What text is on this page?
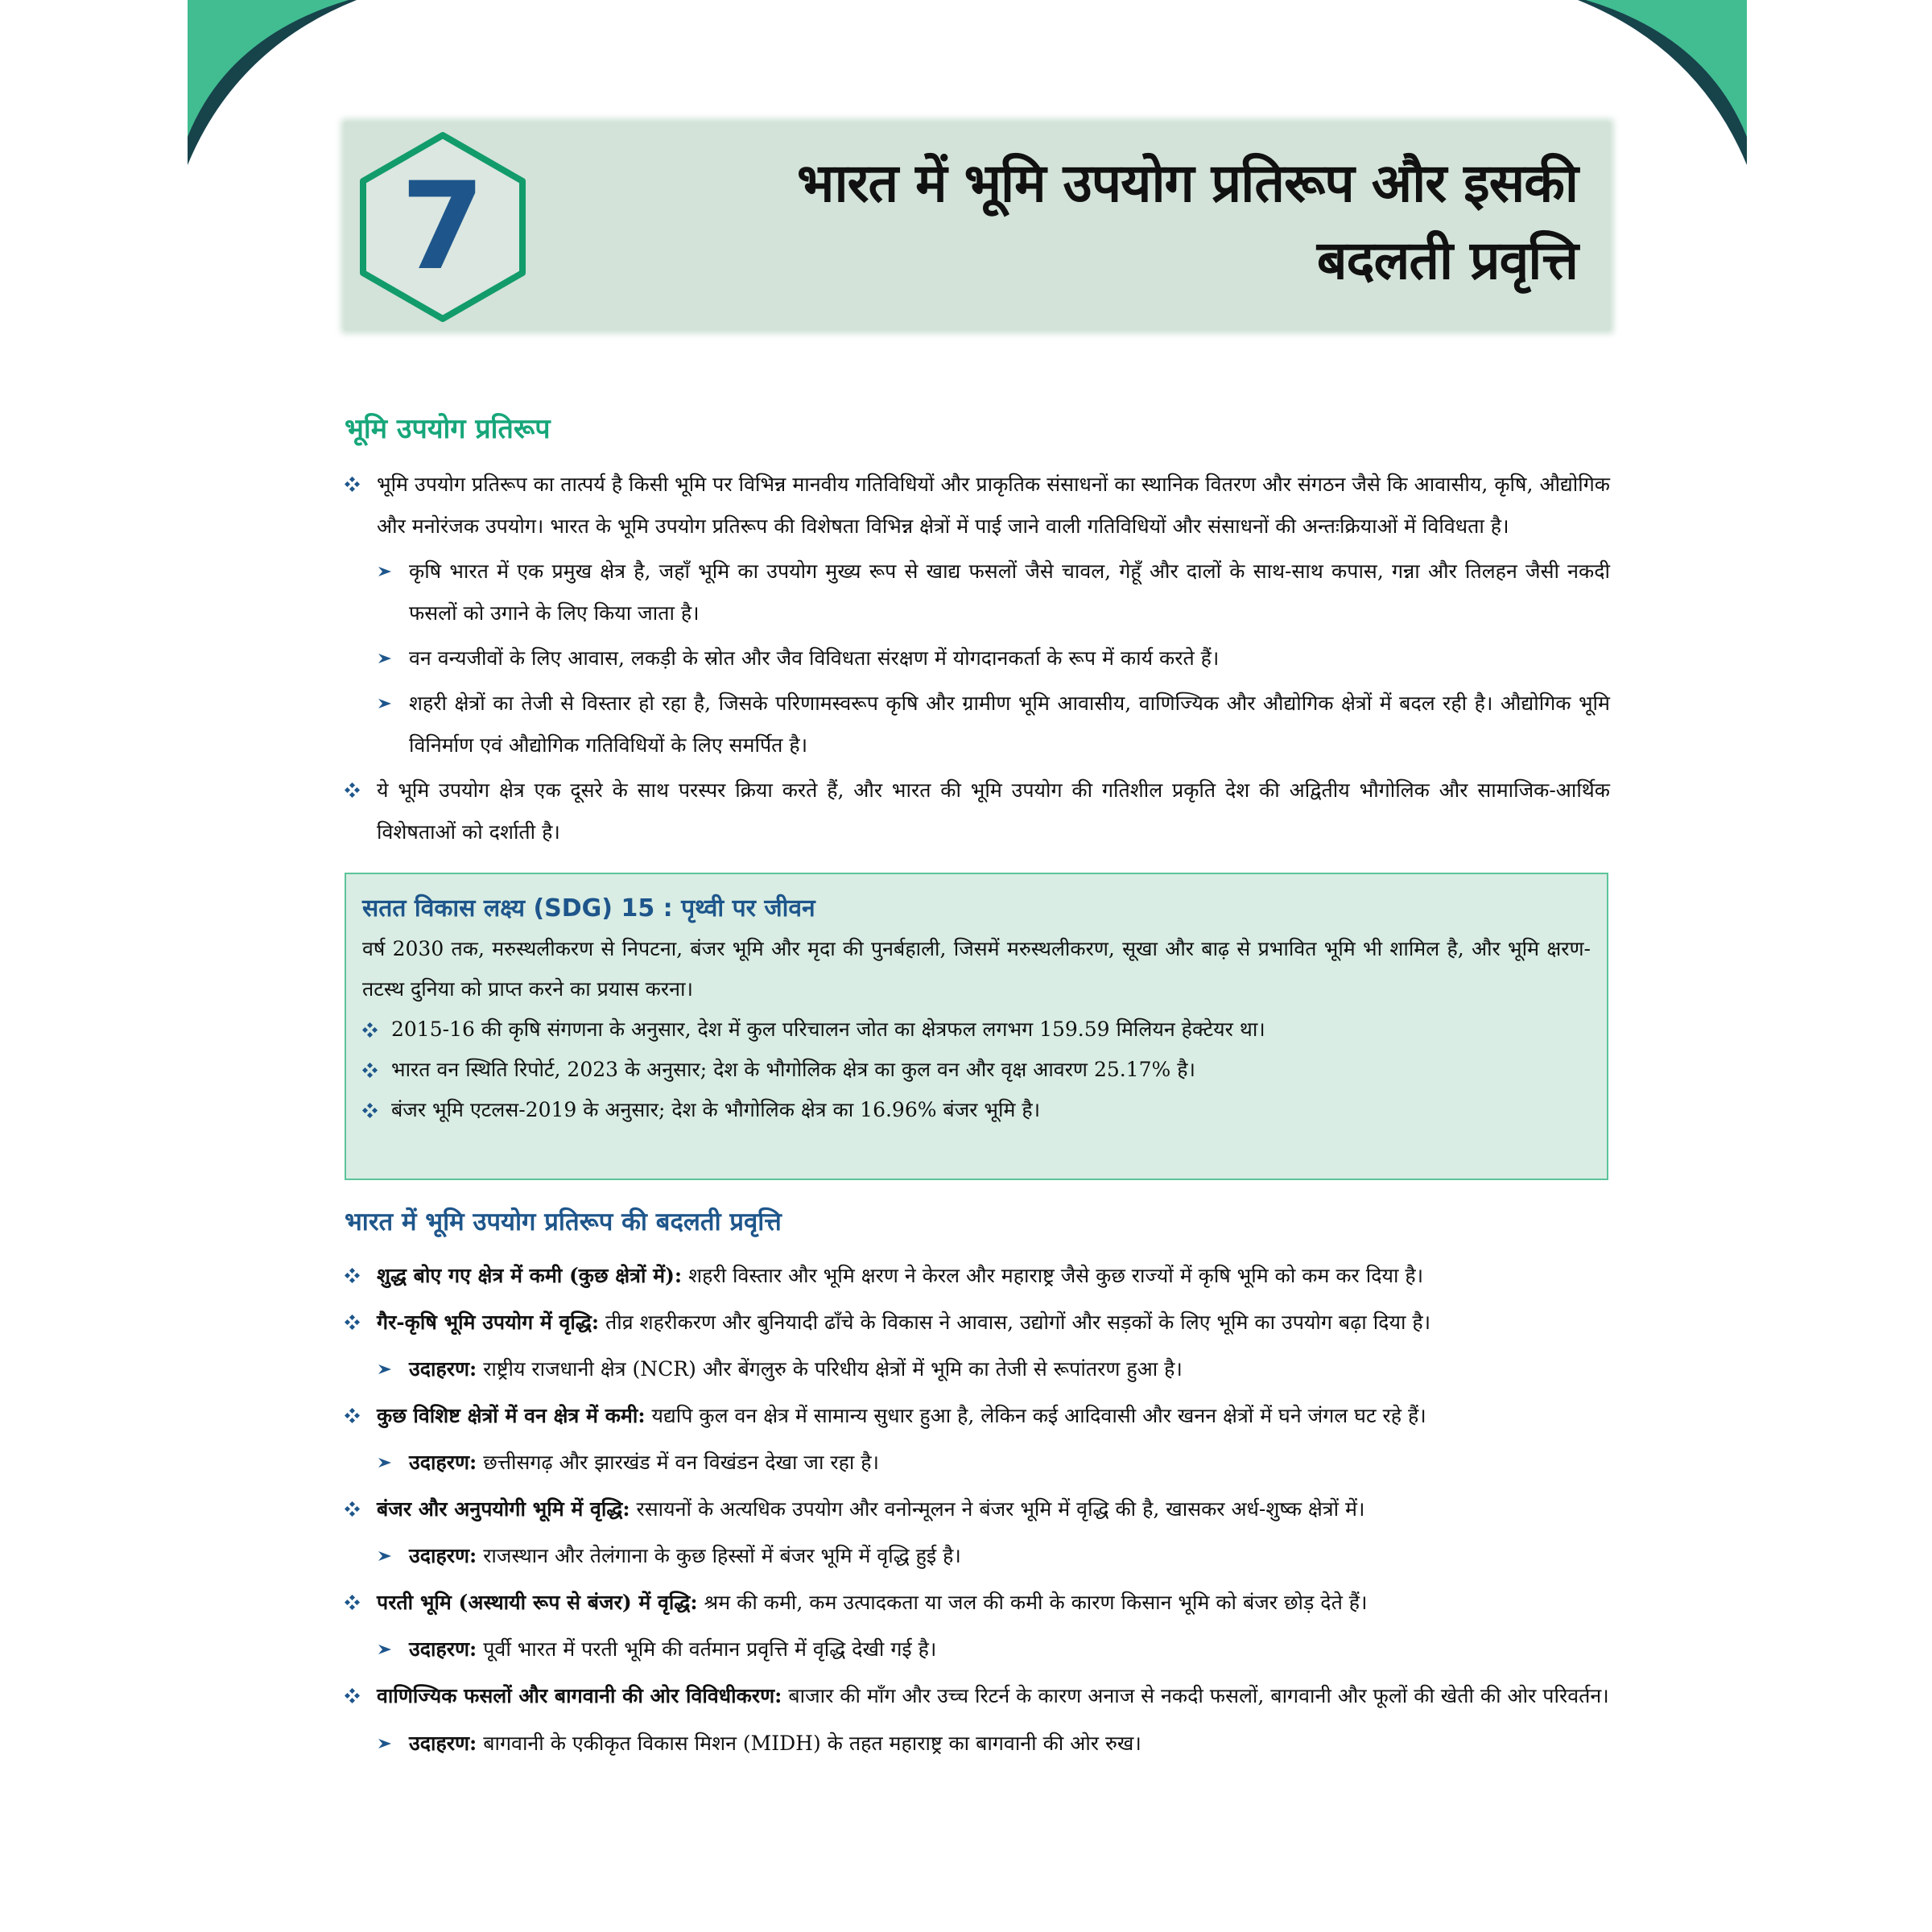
7	भारत में भूमि उपयोग प्रतिरूप और इसकी
बदलती प्रवृत्ति
भूमि उपयोग प्रतिरूप
भूमि उपयोग प्रतिरूप का तात्पर्य है किसी भूमि पर विभिन्न मानवीय गतिविधियों और प्राकृतिक संसाधनों का स्थानिक वितरण और संगठन जैसे कि आवासीय, कृषि, औद्योगिक और मनोरंजक उपयोग। भारत के भूमि उपयोग प्रतिरूप की विशेषता विभिन्न क्षेत्रों में पाई जाने वाली गतिविधियों और संसाधनों की अन्तःक्रियाओं में विविधता है।
कृषि भारत में एक प्रमुख क्षेत्र है, जहाँ भूमि का उपयोग मुख्य रूप से खाद्य फसलों जैसे चावल, गेहूँ और दालों के साथ-साथ कपास, गन्ना और तिलहन जैसी नकदी फसलों को उगाने के लिए किया जाता है।
वन वन्यजीवों के लिए आवास, लकड़ी के स्रोत और जैव विविधता संरक्षण में योगदानकर्ता के रूप में कार्य करते हैं।
शहरी क्षेत्रों का तेजी से विस्तार हो रहा है, जिसके परिणामस्वरूप कृषि और ग्रामीण भूमि आवासीय, वाणिज्यिक और औद्योगिक क्षेत्रों में बदल रही है। औद्योगिक भूमि विनिर्माण एवं औद्योगिक गतिविधियों के लिए समर्पित है।
ये भूमि उपयोग क्षेत्र एक दूसरे के साथ परस्पर क्रिया करते हैं, और भारत की भूमि उपयोग की गतिशील प्रकृति देश की अद्वितीय भौगोलिक और सामाजिक-आर्थिक विशेषताओं को दर्शाती है।
सतत विकास लक्ष्य (SDG) 15 : पृथ्वी पर जीवन
वर्ष 2030 तक, मरुस्थलीकरण से निपटना, बंजर भूमि और मृदा की पुनर्बहाली, जिसमें मरुस्थलीकरण, सूखा और बाढ़ से प्रभावित भूमि भी शामिल है, और भूमि क्षरण-तटस्थ दुनिया को प्राप्त करने का प्रयास करना।
2015-16 की कृषि संगणना के अनुसार, देश में कुल परिचालन जोत का क्षेत्रफल लगभग 159.59 मिलियन हेक्टेयर था।
भारत वन स्थिति रिपोर्ट, 2023 के अनुसार; देश के भौगोलिक क्षेत्र का कुल वन और वृक्ष आवरण 25.17% है।
बंजर भूमि एटलस-2019 के अनुसार; देश के भौगोलिक क्षेत्र का 16.96% बंजर भूमि है।
भारत में भूमि उपयोग प्रतिरूप की बदलती प्रवृत्ति
शुद्ध बोए गए क्षेत्र में कमी (कुछ क्षेत्रों में): शहरी विस्तार और भूमि क्षरण ने केरल और महाराष्ट्र जैसे कुछ राज्यों में कृषि भूमि को कम कर दिया है।
गैर-कृषि भूमि उपयोग में वृद्धि: तीव्र शहरीकरण और बुनियादी ढाँचे के विकास ने आवास, उद्योगों और सड़कों के लिए भूमि का उपयोग बढ़ा दिया है।
उदाहरण: राष्ट्रीय राजधानी क्षेत्र (NCR) और बेंगलुरु के परिधीय क्षेत्रों में भूमि का तेजी से रूपांतरण हुआ है।
कुछ विशिष्ट क्षेत्रों में वन क्षेत्र में कमी: यद्यपि कुल वन क्षेत्र में सामान्य सुधार हुआ है, लेकिन कई आदिवासी और खनन क्षेत्रों में घने जंगल घट रहे हैं।
उदाहरण: छत्तीसगढ़ और झारखंड में वन विखंडन देखा जा रहा है।
बंजर और अनुपयोगी भूमि में वृद्धि: रसायनों के अत्यधिक उपयोग और वनोन्मूलन ने बंजर भूमि में वृद्धि की है, खासकर अर्ध-शुष्क क्षेत्रों में।
उदाहरण: राजस्थान और तेलंगाना के कुछ हिस्सों में बंजर भूमि में वृद्धि हुई है।
परती भूमि (अस्थायी रूप से बंजर) में वृद्धि: श्रम की कमी, कम उत्पादकता या जल की कमी के कारण किसान भूमि को बंजर छोड़ देते हैं।
उदाहरण: पूर्वी भारत में परती भूमि की वर्तमान प्रवृत्ति में वृद्धि देखी गई है।
वाणिज्यिक फसलों और बागवानी की ओर विविधीकरण: बाजार की माँग और उच्च रिटर्न के कारण अनाज से नकदी फसलों, बागवानी और फूलों की खेती की ओर परिवर्तन।
उदाहरण: बागवानी के एकीकृत विकास मिशन (MIDH) के तहत महाराष्ट्र का बागवानी की ओर रुख।
